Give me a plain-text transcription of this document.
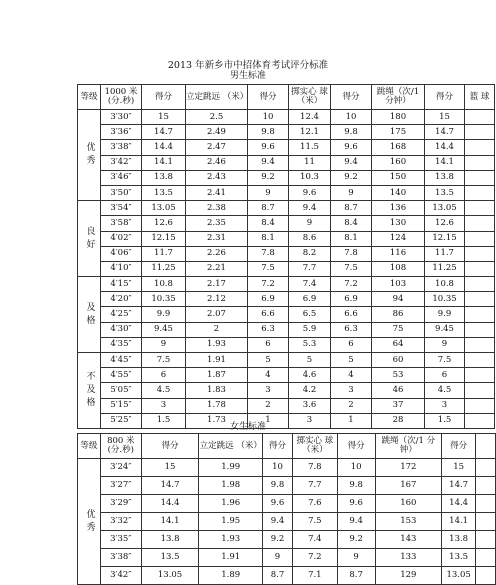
2013 年新乡市中招体育考试评分标准
男生标准
等级	1000 米 (分.秒)	得分	立定跳远 （米）	得分	掷实心 球（米）	得分	跳绳（次/1 分钟）	得分	篮 球
优秀	3′30″	15	2.5	10	12.4	10	180	15	
	3′36″	14.7	2.49	9.8	12.1	9.8	175	14.7	
	3′38″	14.4	2.47	9.6	11.5	9.6	168	14.4	
	3′42″	14.1	2.46	9.4	11	9.4	160	14.1	
	3′46″	13.8	2.43	9.2	10.3	9.2	150	13.8	
	3′50″	13.5	2.41	9	9.6	9	140	13.5	
良好	3′54″	13.05	2.38	8.7	9.4	8.7	136	13.05	
	3′58″	12.6	2.35	8.4	9	8.4	130	12.6	
	4′02″	12.15	2.31	8.1	8.6	8.1	124	12.15	
	4′06″	11.7	2.26	7.8	8.2	7.8	116	11.7	
	4′10″	11.25	2.21	7.5	7.7	7.5	108	11.25	
及格	4′15″	10.8	2.17	7.2	7.4	7.2	103	10.8	
	4′20″	10.35	2.12	6.9	6.9	6.9	94	10.35	
	4′25″	9.9	2.07	6.6	6.5	6.6	86	9.9	
	4′30″	9.45	2	6.3	5.9	6.3	75	9.45	
	4′35″	9	1.93	6	5.3	6	64	9	
不及格	4′45″	7.5	1.91	5	5	5	60	7.5	
	4′55″	6	1.87	4	4.6	4	53	6	
	5′05″	4.5	1.83	3	4.2	3	46	4.5	
	5′15″	3	1.78	2	3.6	2	37	3	
	5′25″	1.5	1.73	1	3	1	28	1.5	
女生标准
等级	800 米 (分.秒)	得分	立定跳远 （米）	得分	掷实心 球（米）	得分	跳绳（次/1 分钟）	得分	
优秀	3′24″	15	1.99	10	7.8	10	172	15	
	3′27″	14.7	1.98	9.8	7.7	9.8	167	14.7	
	3′29″	14.4	1.96	9.6	7.6	9.6	160	14.4	
	3′32″	14.1	1.95	9.4	7.5	9.4	153	14.1	
	3′35″	13.8	1.93	9.2	7.4	9.2	143	13.8	
	3′38″	13.5	1.91	9	7.2	9	133	13.5	
	3′42″	13.05	1.89	8.7	7.1	8.7	129	13.05	
